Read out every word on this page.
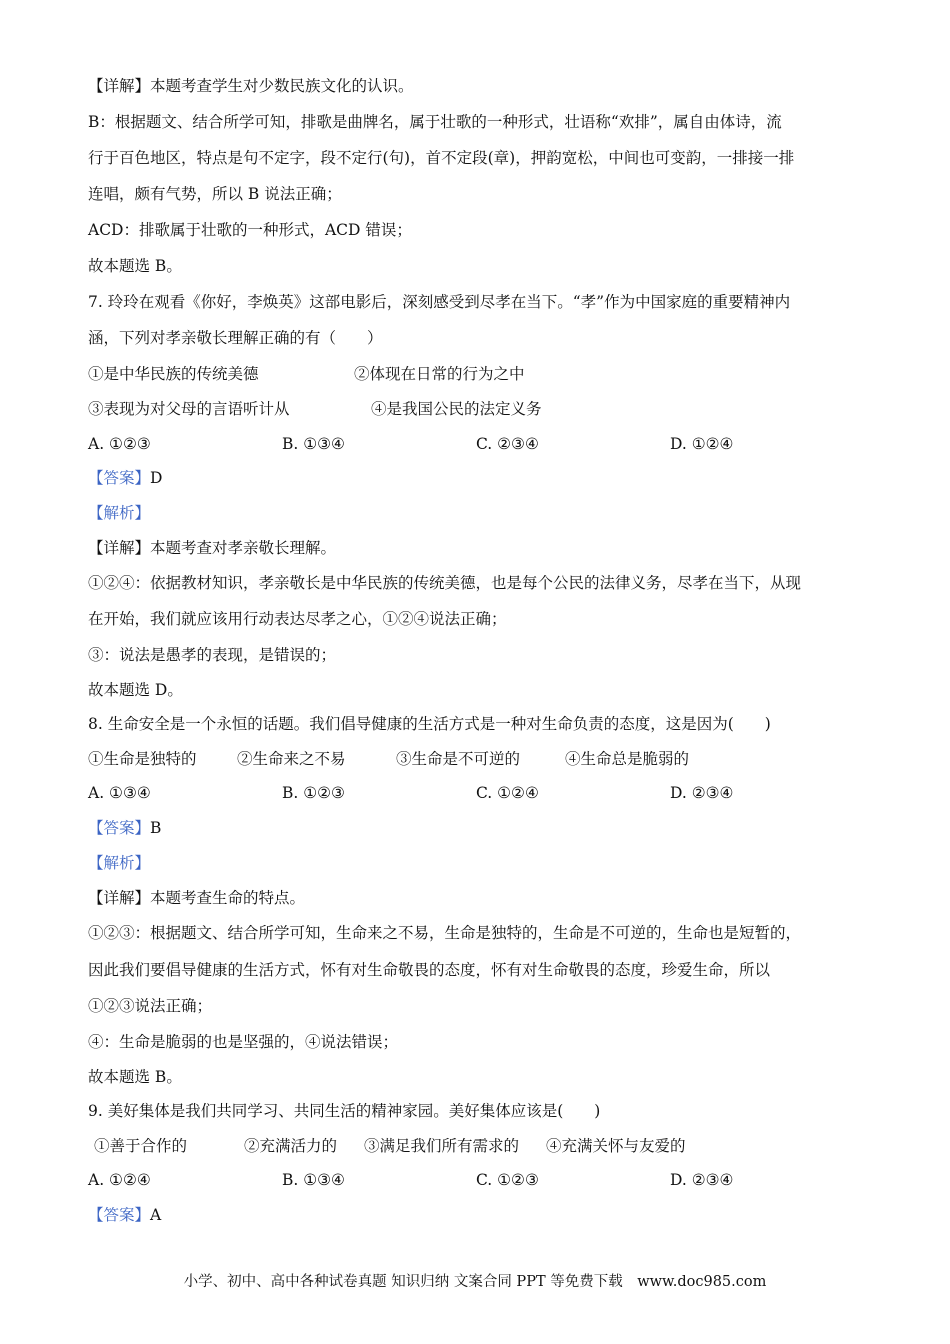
【详解】本题考查学生对少数民族文化的认识。
B：根据题文、结合所学可知，排歌是曲牌名，属于壮歌的一种形式，壮语称“欢排”，属自由体诗，流
行于百色地区，特点是句不定字，段不定行(句)，首不定段(章)，押韵宽松，中间也可变韵，一排接一排
连唱，颇有气势，所以 B 说法正确；
ACD：排歌属于壮歌的一种形式，ACD 错误；
故本题选 B。
7. 玲玲在观看《你好，李焕英》这部电影后，深刻感受到尽孝在当下。“孝”作为中国家庭的重要精神内
涵，下列对孝亲敬长理解正确的有（　　）
①是中华民族的传统美德	②体现在日常的行为之中
③表现为对父母的言语听计从	④是我国公民的法定义务
A. ①②③	B. ①③④	C. ②③④	D. ①②④
【答案】D
【解析】
【详解】本题考查对孝亲敬长理解。
①②④：依据教材知识，孝亲敬长是中华民族的传统美德，也是每个公民的法律义务，尽孝在当下，从现
在开始，我们就应该用行动表达尽孝之心，①②④说法正确；
③：说法是愚孝的表现，是错误的；
故本题选 D。
8. 生命安全是一个永恒的话题。我们倡导健康的生活方式是一种对生命负责的态度，这是因为(　　)
①生命是独特的	②生命来之不易	③生命是不可逆的	④生命总是脆弱的
A. ①③④	B. ①②③	C. ①②④	D. ②③④
【答案】B
【解析】
【详解】本题考查生命的特点。
①②③：根据题文、结合所学可知，生命来之不易，生命是独特的，生命是不可逆的，生命也是短暂的，
因此我们要倡导健康的生活方式，怀有对生命敬畏的态度，怀有对生命敬畏的态度，珍爱生命，所以
①②③说法正确；
④：生命是脆弱的也是坚强的，④说法错误；
故本题选 B。
9. 美好集体是我们共同学习、共同生活的精神家园。美好集体应该是(　　)
①善于合作的	②充满活力的 ③满足我们所有需求的 ④充满关怀与友爱的
A. ①②④	B. ①③④	C. ①②③	D. ②③④
【答案】A
小学、初中、高中各种试卷真题 知识归纳 文案合同 PPT 等免费下载　www.doc985.com
